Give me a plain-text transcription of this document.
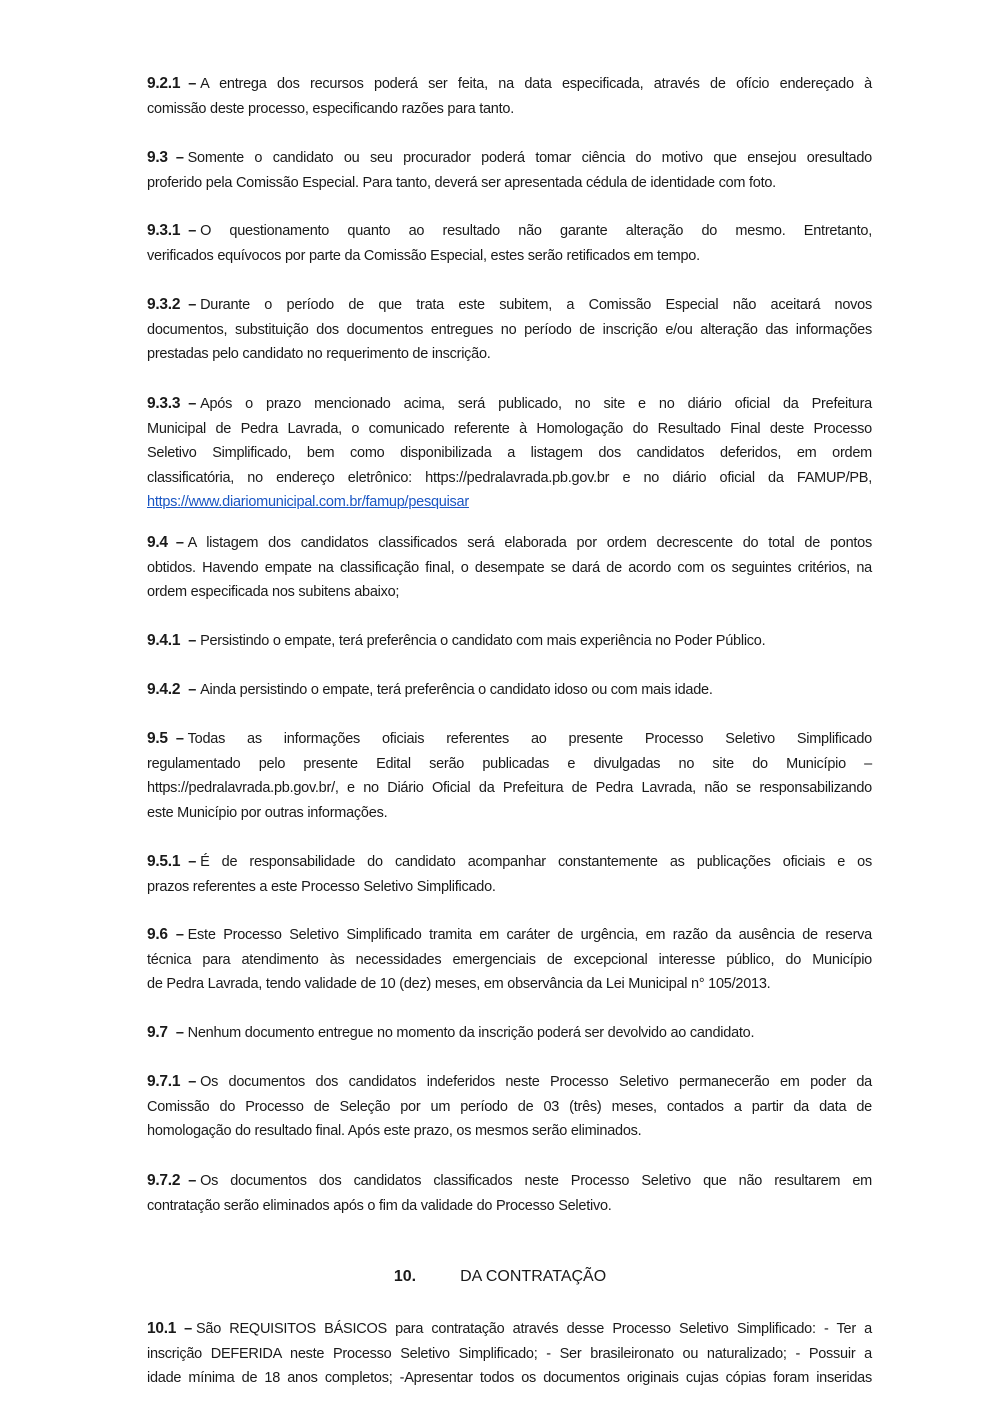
10.	DA CONTRATAÇÃO
9.2.1 – A entrega dos recursos poderá ser feita, na data especificada, através de ofício endereçado à
comissão deste processo, especificando razões para tanto.
9.3 – Somente o candidato ou seu procurador poderá tomar ciência do motivo que ensejou oresultado
proferido pela Comissão Especial. Para tanto, deverá ser apresentada cédula de identidade com foto.
9.3.1 – O questionamento quanto ao resultado não garante alteração do mesmo. Entretanto,
verificados equívocos por parte da Comissão Especial, estes serão retificados em tempo.
9.3.2 – Durante o período de que trata este subitem, a Comissão Especial não aceitará novos
documentos, substituição dos documentos entregues no período de inscrição e/ou alteração das informações
prestadas pelo candidato no requerimento de inscrição.
9.3.3 – Após o prazo mencionado acima, será publicado, no site e no diário oficial da Prefeitura
Municipal de Pedra Lavrada, o comunicado referente à Homologação do Resultado Final deste Processo
Seletivo Simplificado, bem como disponibilizada a listagem dos candidatos deferidos, em ordem
classificatória, no endereço eletrônico: https://pedralavrada.pb.gov.br e no diário oficial da FAMUP/PB,
https://www.diariomunicipal.com.br/famup/pesquisar
9.4 – A listagem dos candidatos classificados será elaborada por ordem decrescente do total de pontos
obtidos. Havendo empate na classificação final, o desempate se dará de acordo com os seguintes critérios, na
ordem especificada nos subitens abaixo;
9.4.1 – Persistindo o empate, terá preferência o candidato com mais experiência no Poder Público.
9.4.2 – Ainda persistindo o empate, terá preferência o candidato idoso ou com mais idade.
9.5 – Todas as informações oficiais referentes ao presente Processo Seletivo Simplificado
regulamentado pelo presente Edital serão publicadas e divulgadas no site do Município –
https://pedralavrada.pb.gov.br/, e no Diário Oficial da Prefeitura de Pedra Lavrada, não se responsabilizando
este Município por outras informações.
9.5.1 – É de responsabilidade do candidato acompanhar constantemente as publicações oficiais e os
prazos referentes a este Processo Seletivo Simplificado.
9.6 – Este Processo Seletivo Simplificado tramita em caráter de urgência, em razão da ausência de reserva
técnica para atendimento às necessidades emergenciais de excepcional interesse público, do Município
de Pedra Lavrada, tendo validade de 10 (dez) meses, em observância da Lei Municipal n° 105/2013.
9.7 – Nenhum documento entregue no momento da inscrição poderá ser devolvido ao candidato.
9.7.1 – Os documentos dos candidatos indeferidos neste Processo Seletivo permanecerão em poder da
Comissão do Processo de Seleção por um período de 03 (três) meses, contados a partir da data de
homologação do resultado final. Após este prazo, os mesmos serão eliminados.
9.7.2 – Os documentos dos candidatos classificados neste Processo Seletivo que não resultarem em
contratação serão eliminados após o fim da validade do Processo Seletivo.
10.1 – São REQUISITOS BÁSICOS para contratação através desse Processo Seletivo Simplificado: - Ter a
inscrição DEFERIDA neste Processo Seletivo Simplificado; - Ser brasileironato ou naturalizado; - Possuir a
idade mínima de 18 anos completos; -Apresentar todos os documentos originais cujas cópias foram inseridas
